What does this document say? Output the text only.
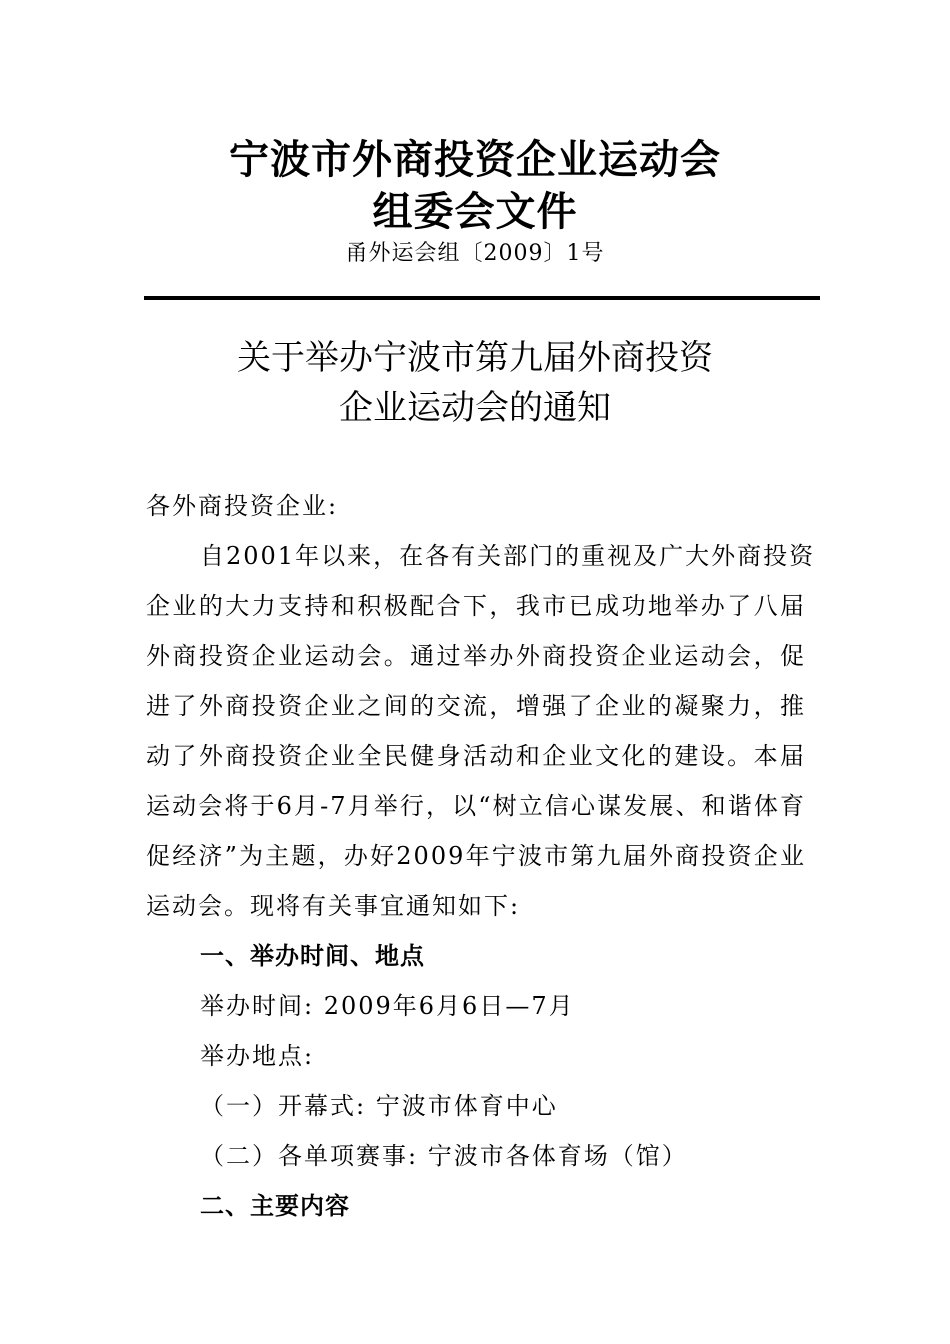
宁波市外商投资企业运动会
组委会文件
甬外运会组〔2009〕1号
关于举办宁波市第九届外商投资
企业运动会的通知
各外商投资企业:
自2001年以来，在各有关部门的重视及广大外商投资
企业的大力支持和积极配合下，我市已成功地举办了八届
外商投资企业运动会。通过举办外商投资企业运动会，促
进了外商投资企业之间的交流，增强了企业的凝聚力，推
动了外商投资企业全民健身活动和企业文化的建设。本届
运动会将于6月-7月举行，以“树立信心谋发展、和谐体育
促经济”为主题，办好2009年宁波市第九届外商投资企业
运动会。现将有关事宜通知如下:
一、举办时间、地点
举办时间: 2009年6月6日—7月
举办地点:
（一）开幕式: 宁波市体育中心
（二）各单项赛事: 宁波市各体育场（馆）
二、主要内容
